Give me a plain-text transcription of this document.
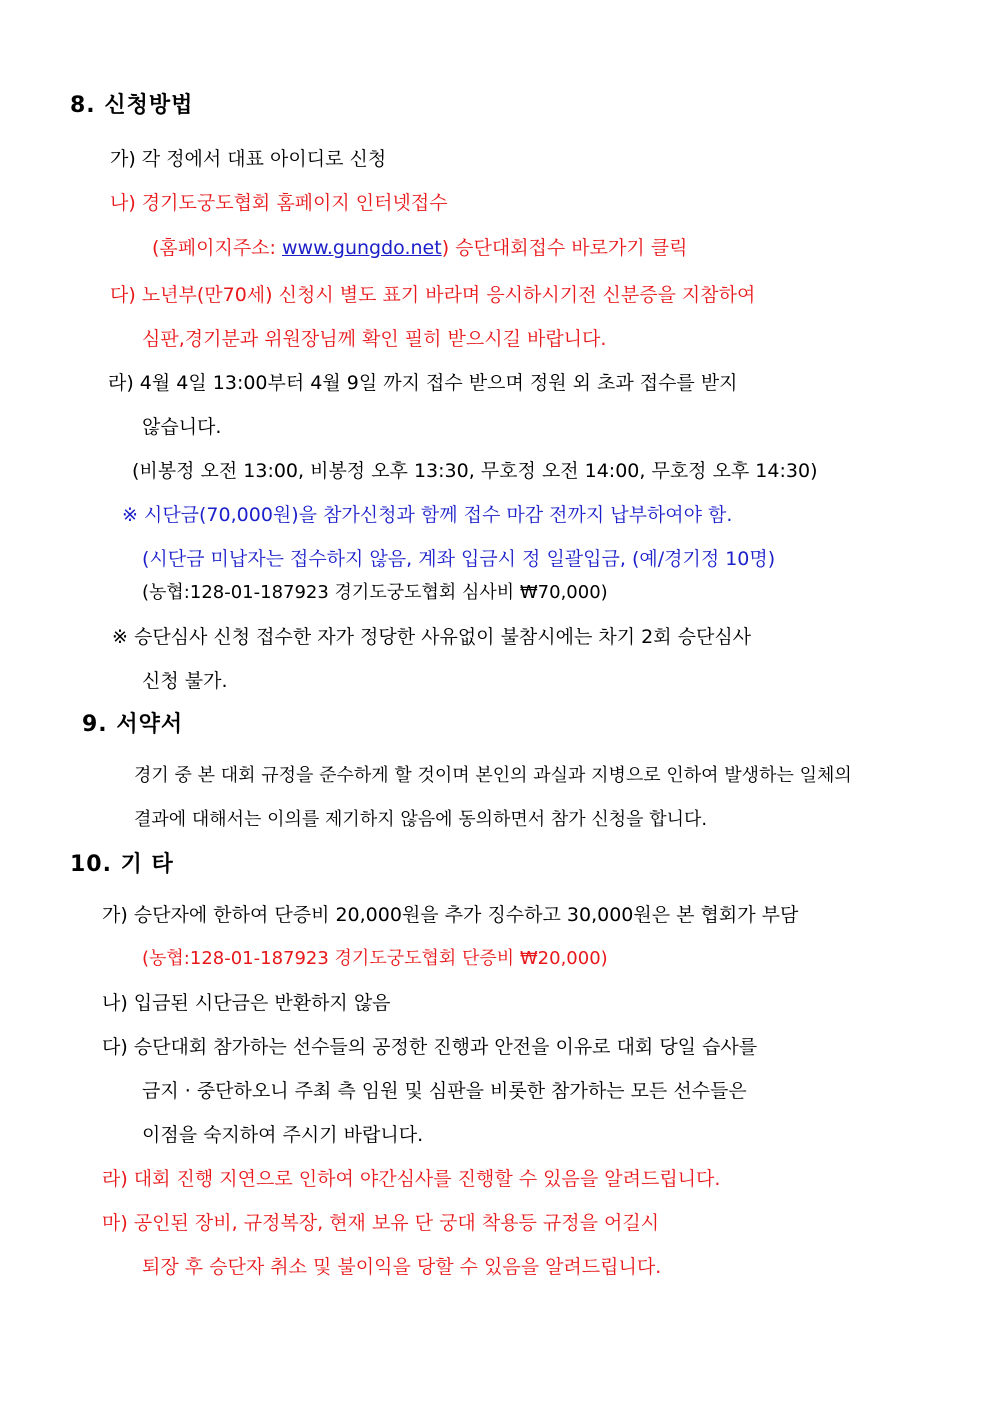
8. 신청방법
가) 각 정에서 대표 아이디로 신청
나) 경기도궁도협회 홈페이지 인터넷접수
(홈페이지주소: www.gungdo.net) 승단대회접수 바로가기 클릭
다) 노년부(만70세) 신청시 별도 표기 바라며 응시하시기전 신분증을 지참하여
심판,경기분과 위원장님께 확인 필히 받으시길 바랍니다.
라) 4월 4일 13:00부터 4월 9일 까지 접수 받으며 정원 외 초과 접수를 받지
않습니다.
(비봉정 오전 13:00, 비봉정 오후 13:30, 무호정 오전 14:00, 무호정 오후 14:30)
※ 시단금(70,000원)을 참가신청과 함께 접수 마감 전까지 납부하여야 함.
(시단금 미납자는 접수하지 않음, 계좌 입금시 정 일괄입금, (예/경기정 10명)
(농협:128-01-187923 경기도궁도협회 심사비 ₩70,000)
※ 승단심사 신청 접수한 자가 정당한 사유없이 불참시에는 차기 2회 승단심사
신청 불가.
9. 서약서
경기 중 본 대회 규정을 준수하게 할 것이며 본인의 과실과 지병으로 인하여 발생하는 일체의
결과에 대해서는 이의를 제기하지 않음에 동의하면서 참가 신청을 합니다.
10. 기 타
가) 승단자에 한하여 단증비 20,000원을 추가 징수하고 30,000원은 본 협회가 부담
(농협:128-01-187923 경기도궁도협회 단증비 ₩20,000)
나) 입금된 시단금은 반환하지 않음
다) 승단대회 참가하는 선수들의 공정한 진행과 안전을 이유로 대회 당일 습사를
금지 · 중단하오니 주최 측 임원 및 심판을 비롯한 참가하는 모든 선수들은
이점을 숙지하여 주시기 바랍니다.
라) 대회 진행 지연으로 인하여 야간심사를 진행할 수 있음을 알려드립니다.
마) 공인된 장비, 규정복장, 현재 보유 단 궁대 착용등 규정을 어길시
퇴장 후 승단자 취소 및 불이익을 당할 수 있음을 알려드립니다.
